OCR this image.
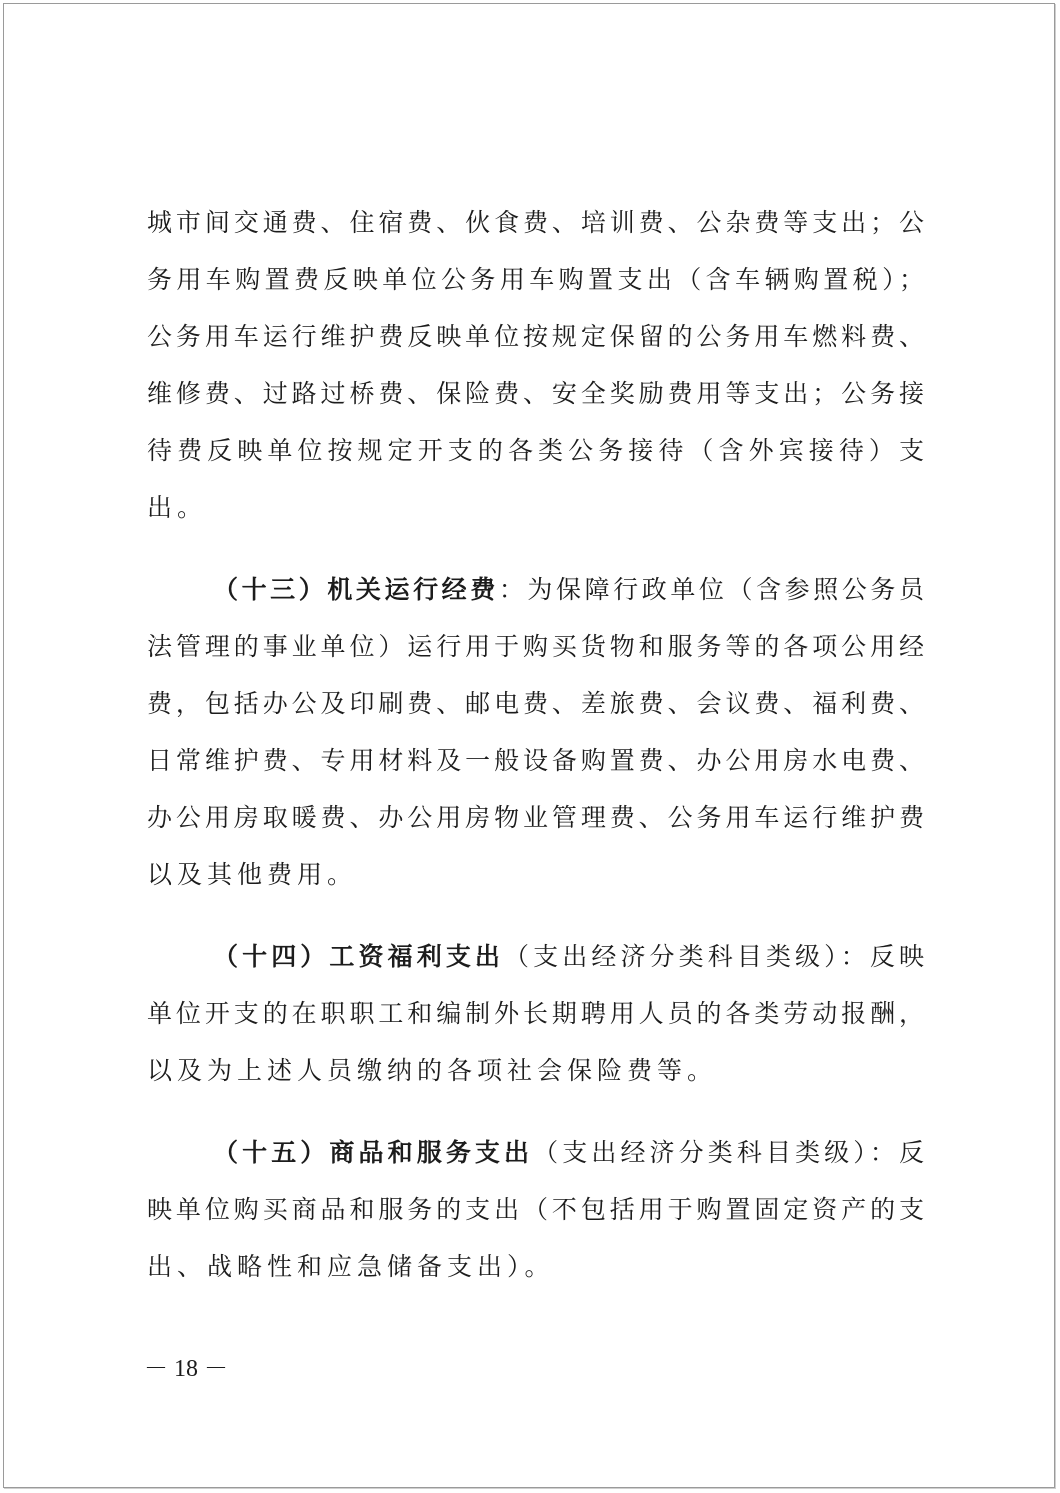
城市间交通费、住宿费、伙食费、培训费、公杂费等支出；公
务用车购置费反映单位公务用车购置支出（含车辆购置税）；
公务用车运行维护费反映单位按规定保留的公务用车燃料费、
维修费、过路过桥费、保险费、安全奖励费用等支出；公务接
待费反映单位按规定开支的各类公务接待（含外宾接待）支
出。
（十三）机关运行经费：为保障行政单位（含参照公务员
法管理的事业单位）运行用于购买货物和服务等的各项公用经
费，包括办公及印刷费、邮电费、差旅费、会议费、福利费、
日常维护费、专用材料及一般设备购置费、办公用房水电费、
办公用房取暖费、办公用房物业管理费、公务用车运行维护费
以及其他费用。
（十四）工资福利支出（支出经济分类科目类级）：反映
单位开支的在职职工和编制外长期聘用人员的各类劳动报酬，
以及为上述人员缴纳的各项社会保险费等。
（十五）商品和服务支出（支出经济分类科目类级）：反
映单位购买商品和服务的支出（不包括用于购置固定资产的支
出、战略性和应急储备支出）。
－ 18 －
